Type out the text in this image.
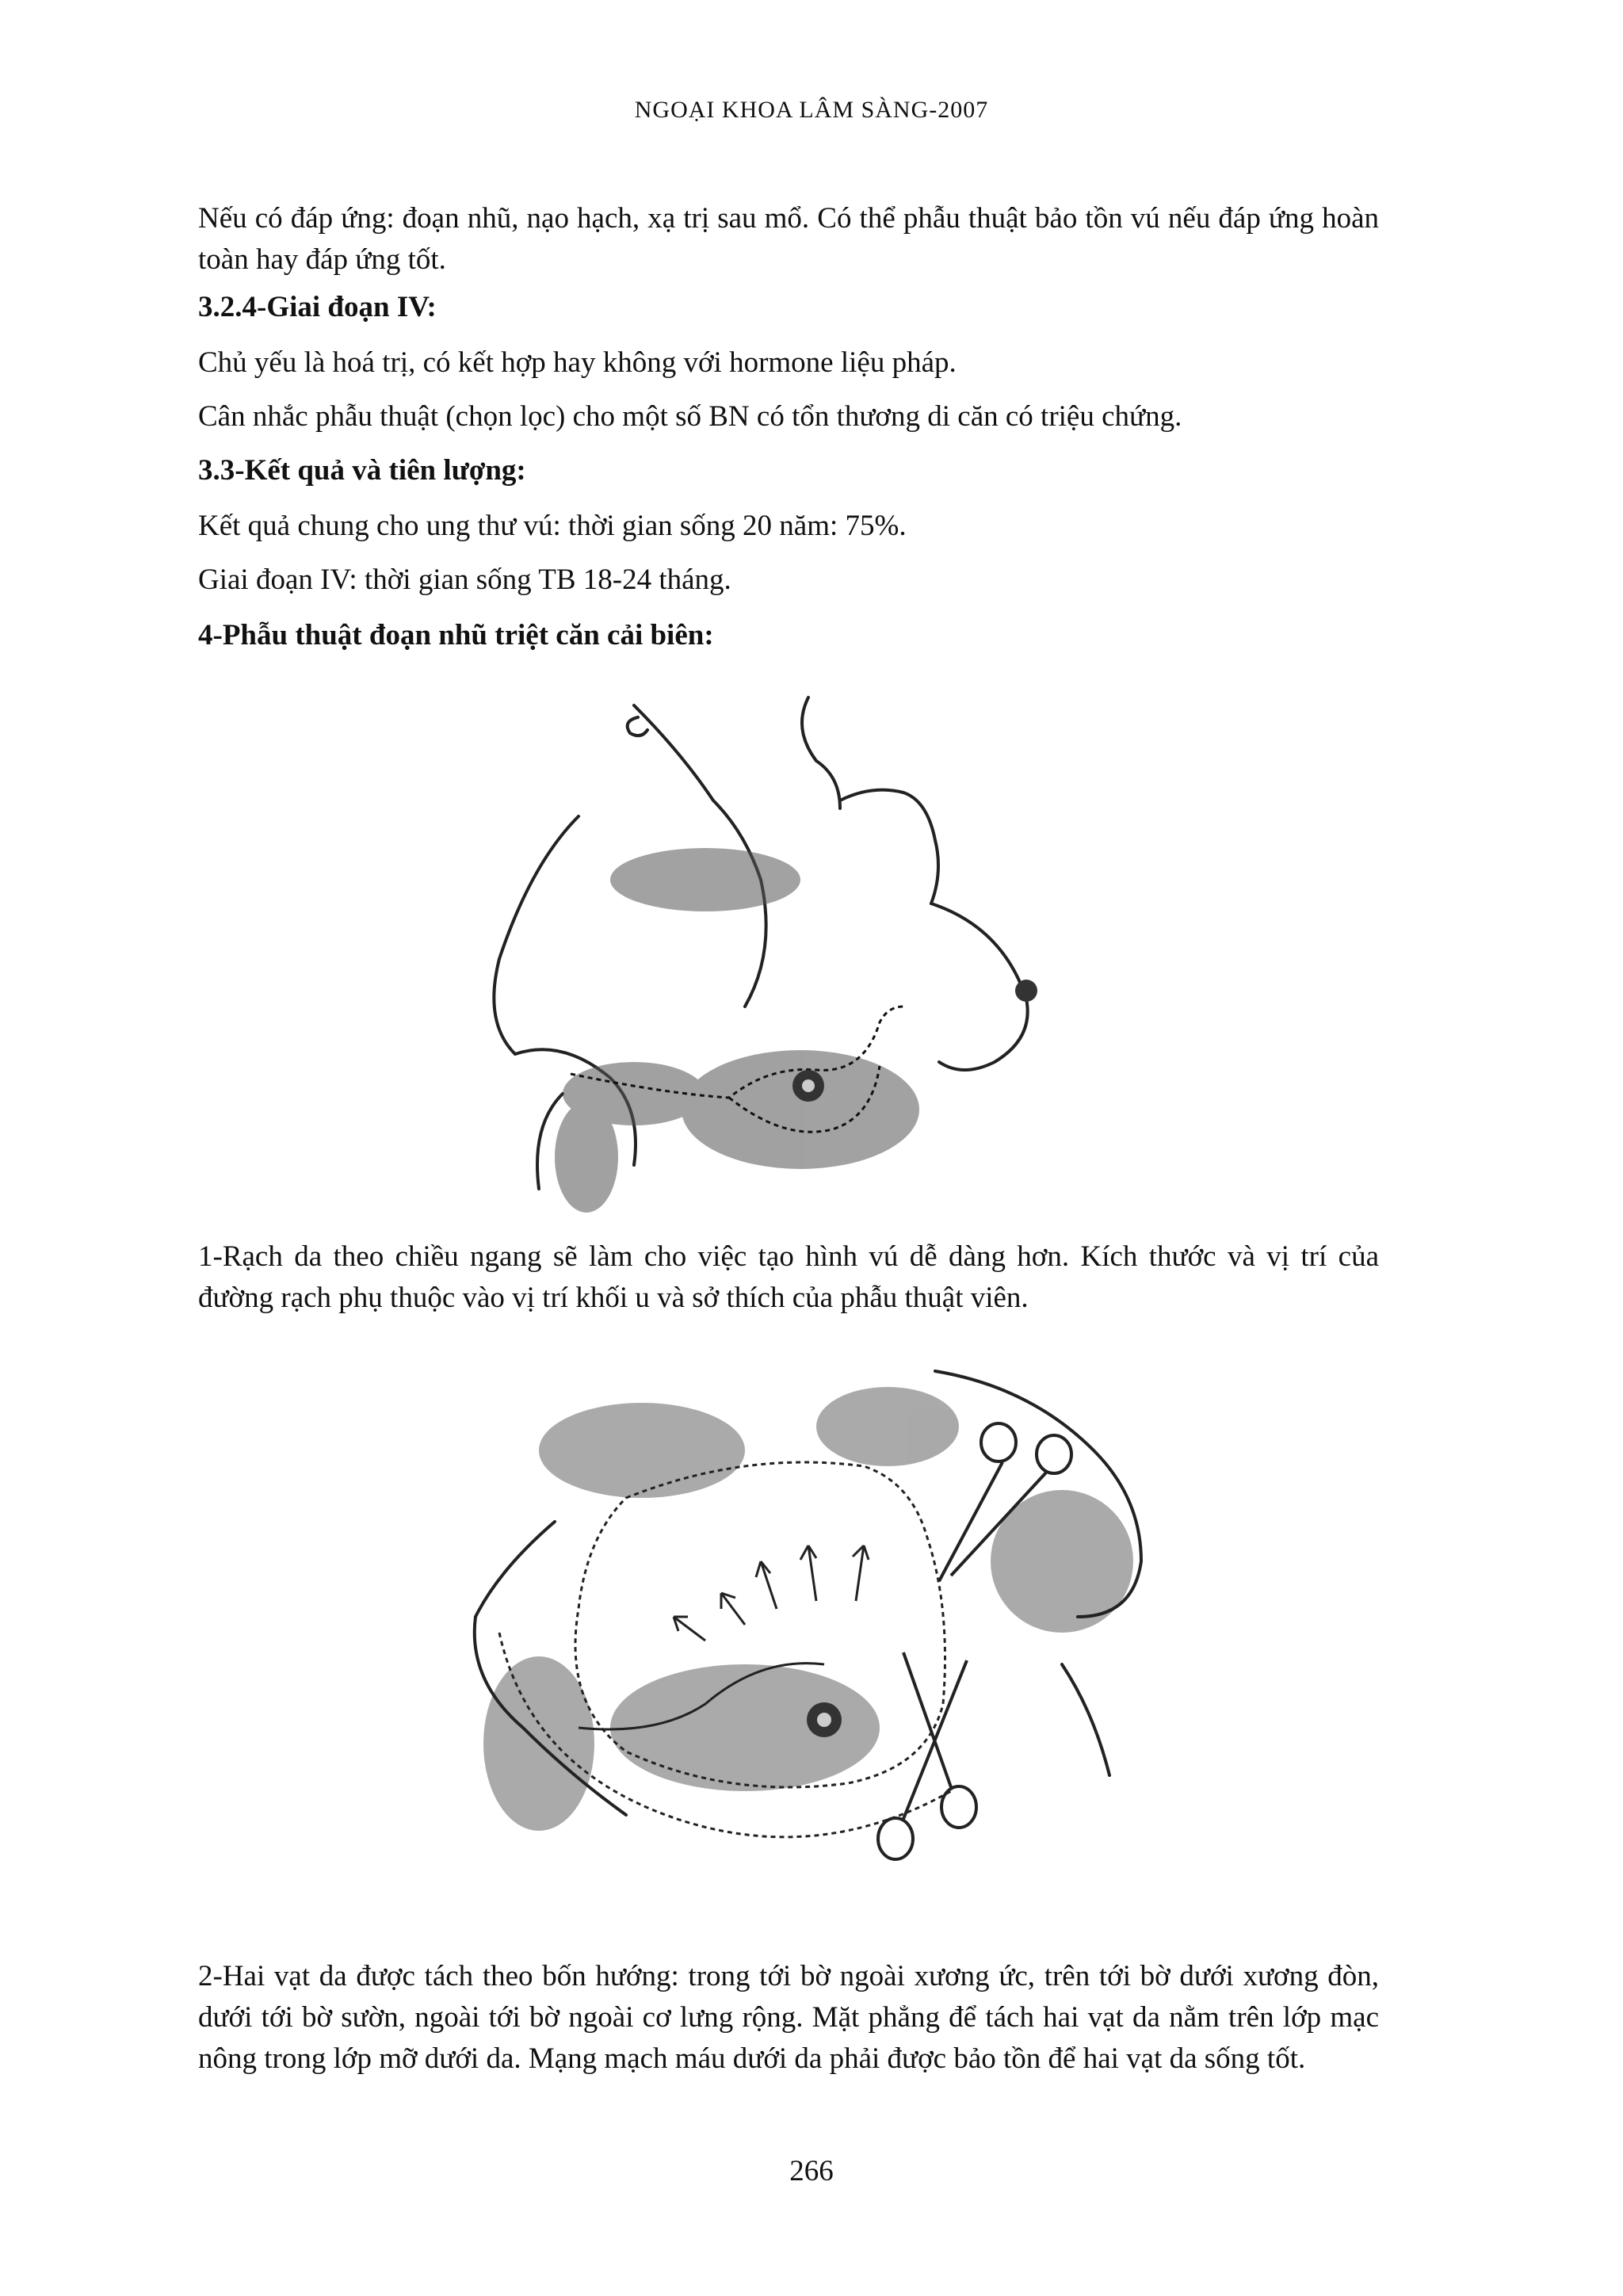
NGOẠI KHOA LÂM SÀNG-2007

Nếu có đáp ứng: đoạn nhũ, nạo hạch, xạ trị sau mổ. Có thể phẫu thuật bảo tồn vú nếu đáp ứng hoàn toàn hay đáp ứng tốt.

3.2.4-Giai đoạn IV:

Chủ yếu là hoá trị, có kết hợp hay không với hormone liệu pháp.

Cân nhắc phẫu thuật (chọn lọc) cho một số BN có tổn thương di căn có triệu chứng.

3.3-Kết quả và tiên lượng:

Kết quả chung cho ung thư vú: thời gian sống 20 năm: 75%.

Giai đoạn IV: thời gian sống TB 18-24 tháng.

4-Phẫu thuật đoạn nhũ triệt căn cải biên:

1-Rạch da theo chiều ngang sẽ làm cho việc tạo hình vú dễ dàng hơn. Kích thước và vị trí của đường rạch phụ thuộc vào vị trí khối u và sở thích của phẫu thuật viên.

2-Hai vạt da được tách theo bốn hướng: trong tới bờ ngoài xương ức, trên tới bờ dưới xương đòn, dưới tới bờ sườn, ngoài tới bờ ngoài cơ lưng rộng. Mặt phẳng để tách hai vạt da nằm trên lớp mạc nông trong lớp mỡ dưới da. Mạng mạch máu dưới da phải được bảo tồn để hai vạt da sống tốt.

266
